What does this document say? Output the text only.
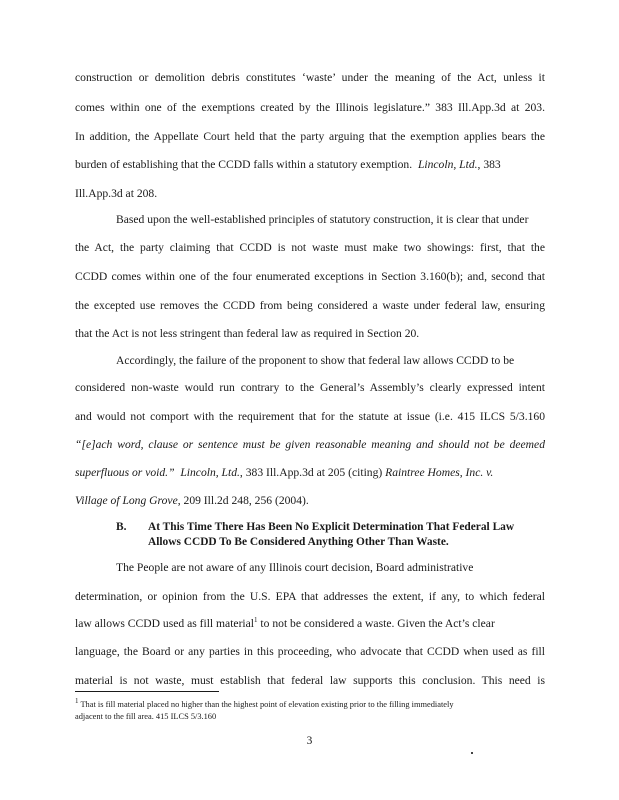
construction or demolition debris constitutes ‘waste’ under the meaning of the Act, unless it
comes within one of the exemptions created by the Illinois legislature.” 383 Ill.App.3d at 203.
In addition, the Appellate Court held that the party arguing that the exemption applies bears the
burden of establishing that the CCDD falls within a statutory exemption. Lincoln, Ltd., 383
Ill.App.3d at 208.
Based upon the well-established principles of statutory construction, it is clear that under
the Act, the party claiming that CCDD is not waste must make two showings: first, that the
CCDD comes within one of the four enumerated exceptions in Section 3.160(b); and, second that
the excepted use removes the CCDD from being considered a waste under federal law, ensuring
that the Act is not less stringent than federal law as required in Section 20.
Accordingly, the failure of the proponent to show that federal law allows CCDD to be
considered non-waste would run contrary to the General’s Assembly’s clearly expressed intent
and would not comport with the requirement that for the statute at issue (i.e. 415 ILCS 5/3.160
“[e]ach word, clause or sentence must be given reasonable meaning and should not be deemed
superfluous or void.” Lincoln, Ltd., 383 Ill.App.3d at 205 (citing) Raintree Homes, Inc. v.
Village of Long Grove, 209 Ill.2d 248, 256 (2004).
B. At This Time There Has Been No Explicit Determination That Federal Law
Allows CCDD To Be Considered Anything Other Than Waste.
The People are not aware of any Illinois court decision, Board administrative
determination, or opinion from the U.S. EPA that addresses the extent, if any, to which federal
law allows CCDD used as fill material$^1$ to not be considered a waste. Given the Act’s clear
language, the Board or any parties in this proceeding, who advocate that CCDD when used as fill
material is not waste, must establish that federal law supports this conclusion. This need is
$^1$ That is fill material placed no higher than the highest point of elevation existing prior to the filling immediately
adjacent to the fill area. 415 ILCS 5/3.160
3
